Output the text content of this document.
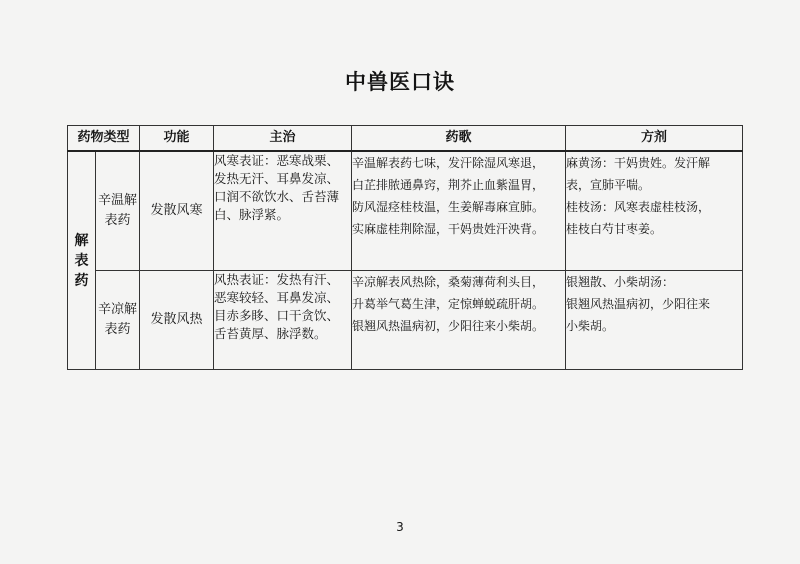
中兽医口诀
药物类型		功能	主治	药歌	方剂
解表药	辛温解表药	发散风寒	风寒表证：恶寒战栗、发热无汗、耳鼻发凉、口润不欲饮水、舌苔薄白、脉浮紧。	辛温解表药七味，发汗除湿风寒退，
白芷排脓通鼻窍，荆芥止血紫温胃，
防风湿痉桂枝温，生姜解毒麻宣肺。
实麻虚桂荆除湿，干妈贵姓汗泱背。	麻黄汤：干妈贵姓。发汗解
表，宣肺平喘。
桂枝汤：风寒表虚桂枝汤，
桂枝白芍甘枣姜。

	辛凉解表药	发散风热	风热表证：发热有汗、恶寒较轻、耳鼻发凉、目赤多眵、口干贪饮、舌苔黄厚、脉浮数。	辛凉解表风热除，桑菊薄荷利头目，
升葛举气葛生津，定惊蝉蜕疏肝胡。
银翘风热温病初，少阳往来小柴胡。	银翘散、小柴胡汤：
银翘风热温病初，少阳往来
小柴胡。
3
